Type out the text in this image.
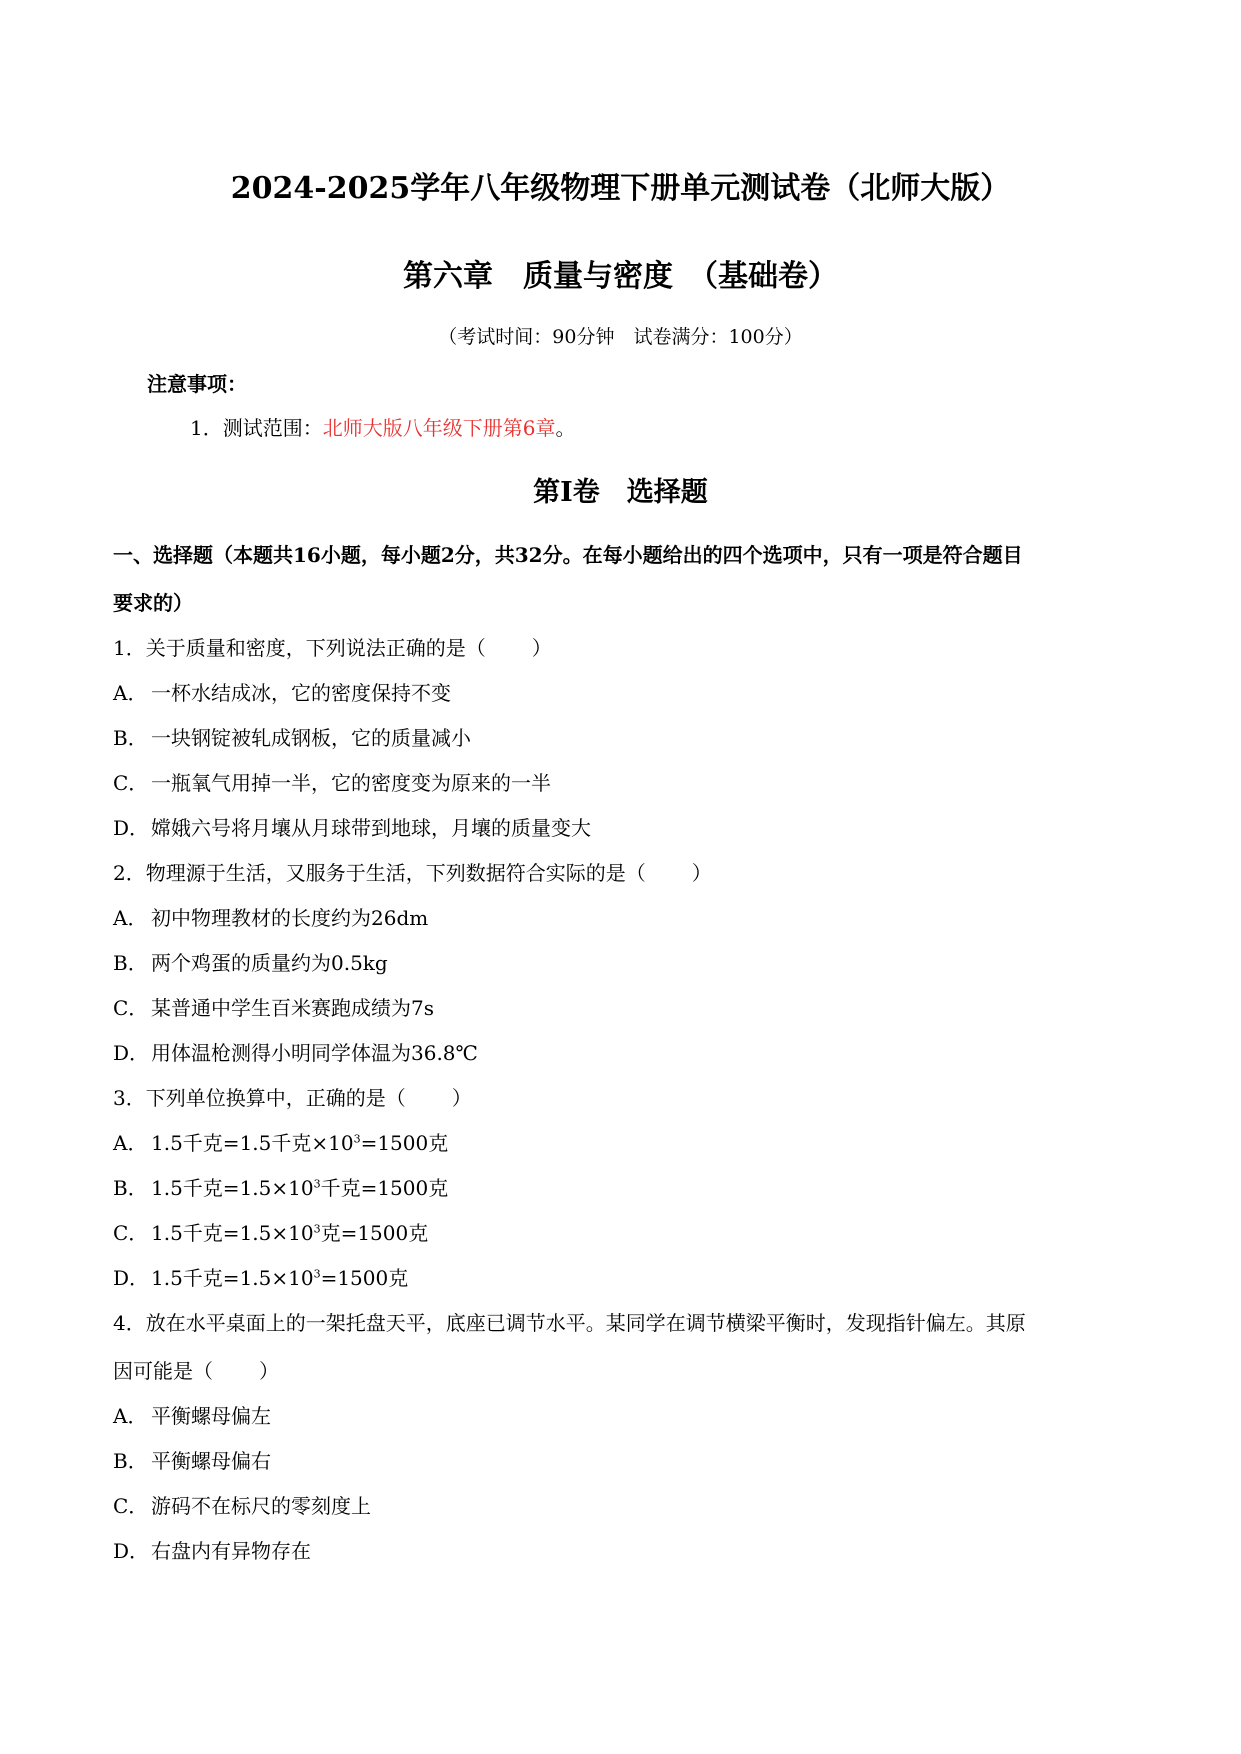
2024-2025学年八年级物理下册单元测试卷（北师大版）
第六章　质量与密度　（基础卷）
（考试时间：90分钟　试卷满分：100分）
注意事项：
1．测试范围：北师大版八年级下册第6章。
第Ⅰ卷　选择题
一、选择题（本题共16小题，每小题2分，共32分。在每小题给出的四个选项中，只有一项是符合题目
要求的）
1．关于质量和密度，下列说法正确的是（ ）
A． 一杯水结成冰，它的密度保持不变
B． 一块钢锭被轧成钢板，它的质量减小
C． 一瓶氧气用掉一半，它的密度变为原来的一半
D．嫦娥六号将月壤从月球带到地球，月壤的质量变大
2．物理源于生活，又服务于生活，下列数据符合实际的是（ ）
A． 初中物理教材的长度约为26dm
B． 两个鸡蛋的质量约为0.5kg
C． 某普通中学生百米赛跑成绩为7s
D．用体温枪测得小明同学体温为36.8℃
3．下列单位换算中，正确的是（ ）
A． 1.5千克=1.5千克$\times 10^3=1500$克
B． 1.5千克$=1.5\times 10^3$千克=1500克
C． 1.5千克$=1.5\times 10^3$克=1500克
D．1.5千克$=1.5\times 10^3=1500$克
4．放在水平桌面上的一架托盘天平，底座已调节水平。某同学在调节横梁平衡时，发现指针偏左。其原
因可能是（ ）
A． 平衡螺母偏左
B． 平衡螺母偏右
C． 游码不在标尺的零刻度上
D．右盘内有异物存在
